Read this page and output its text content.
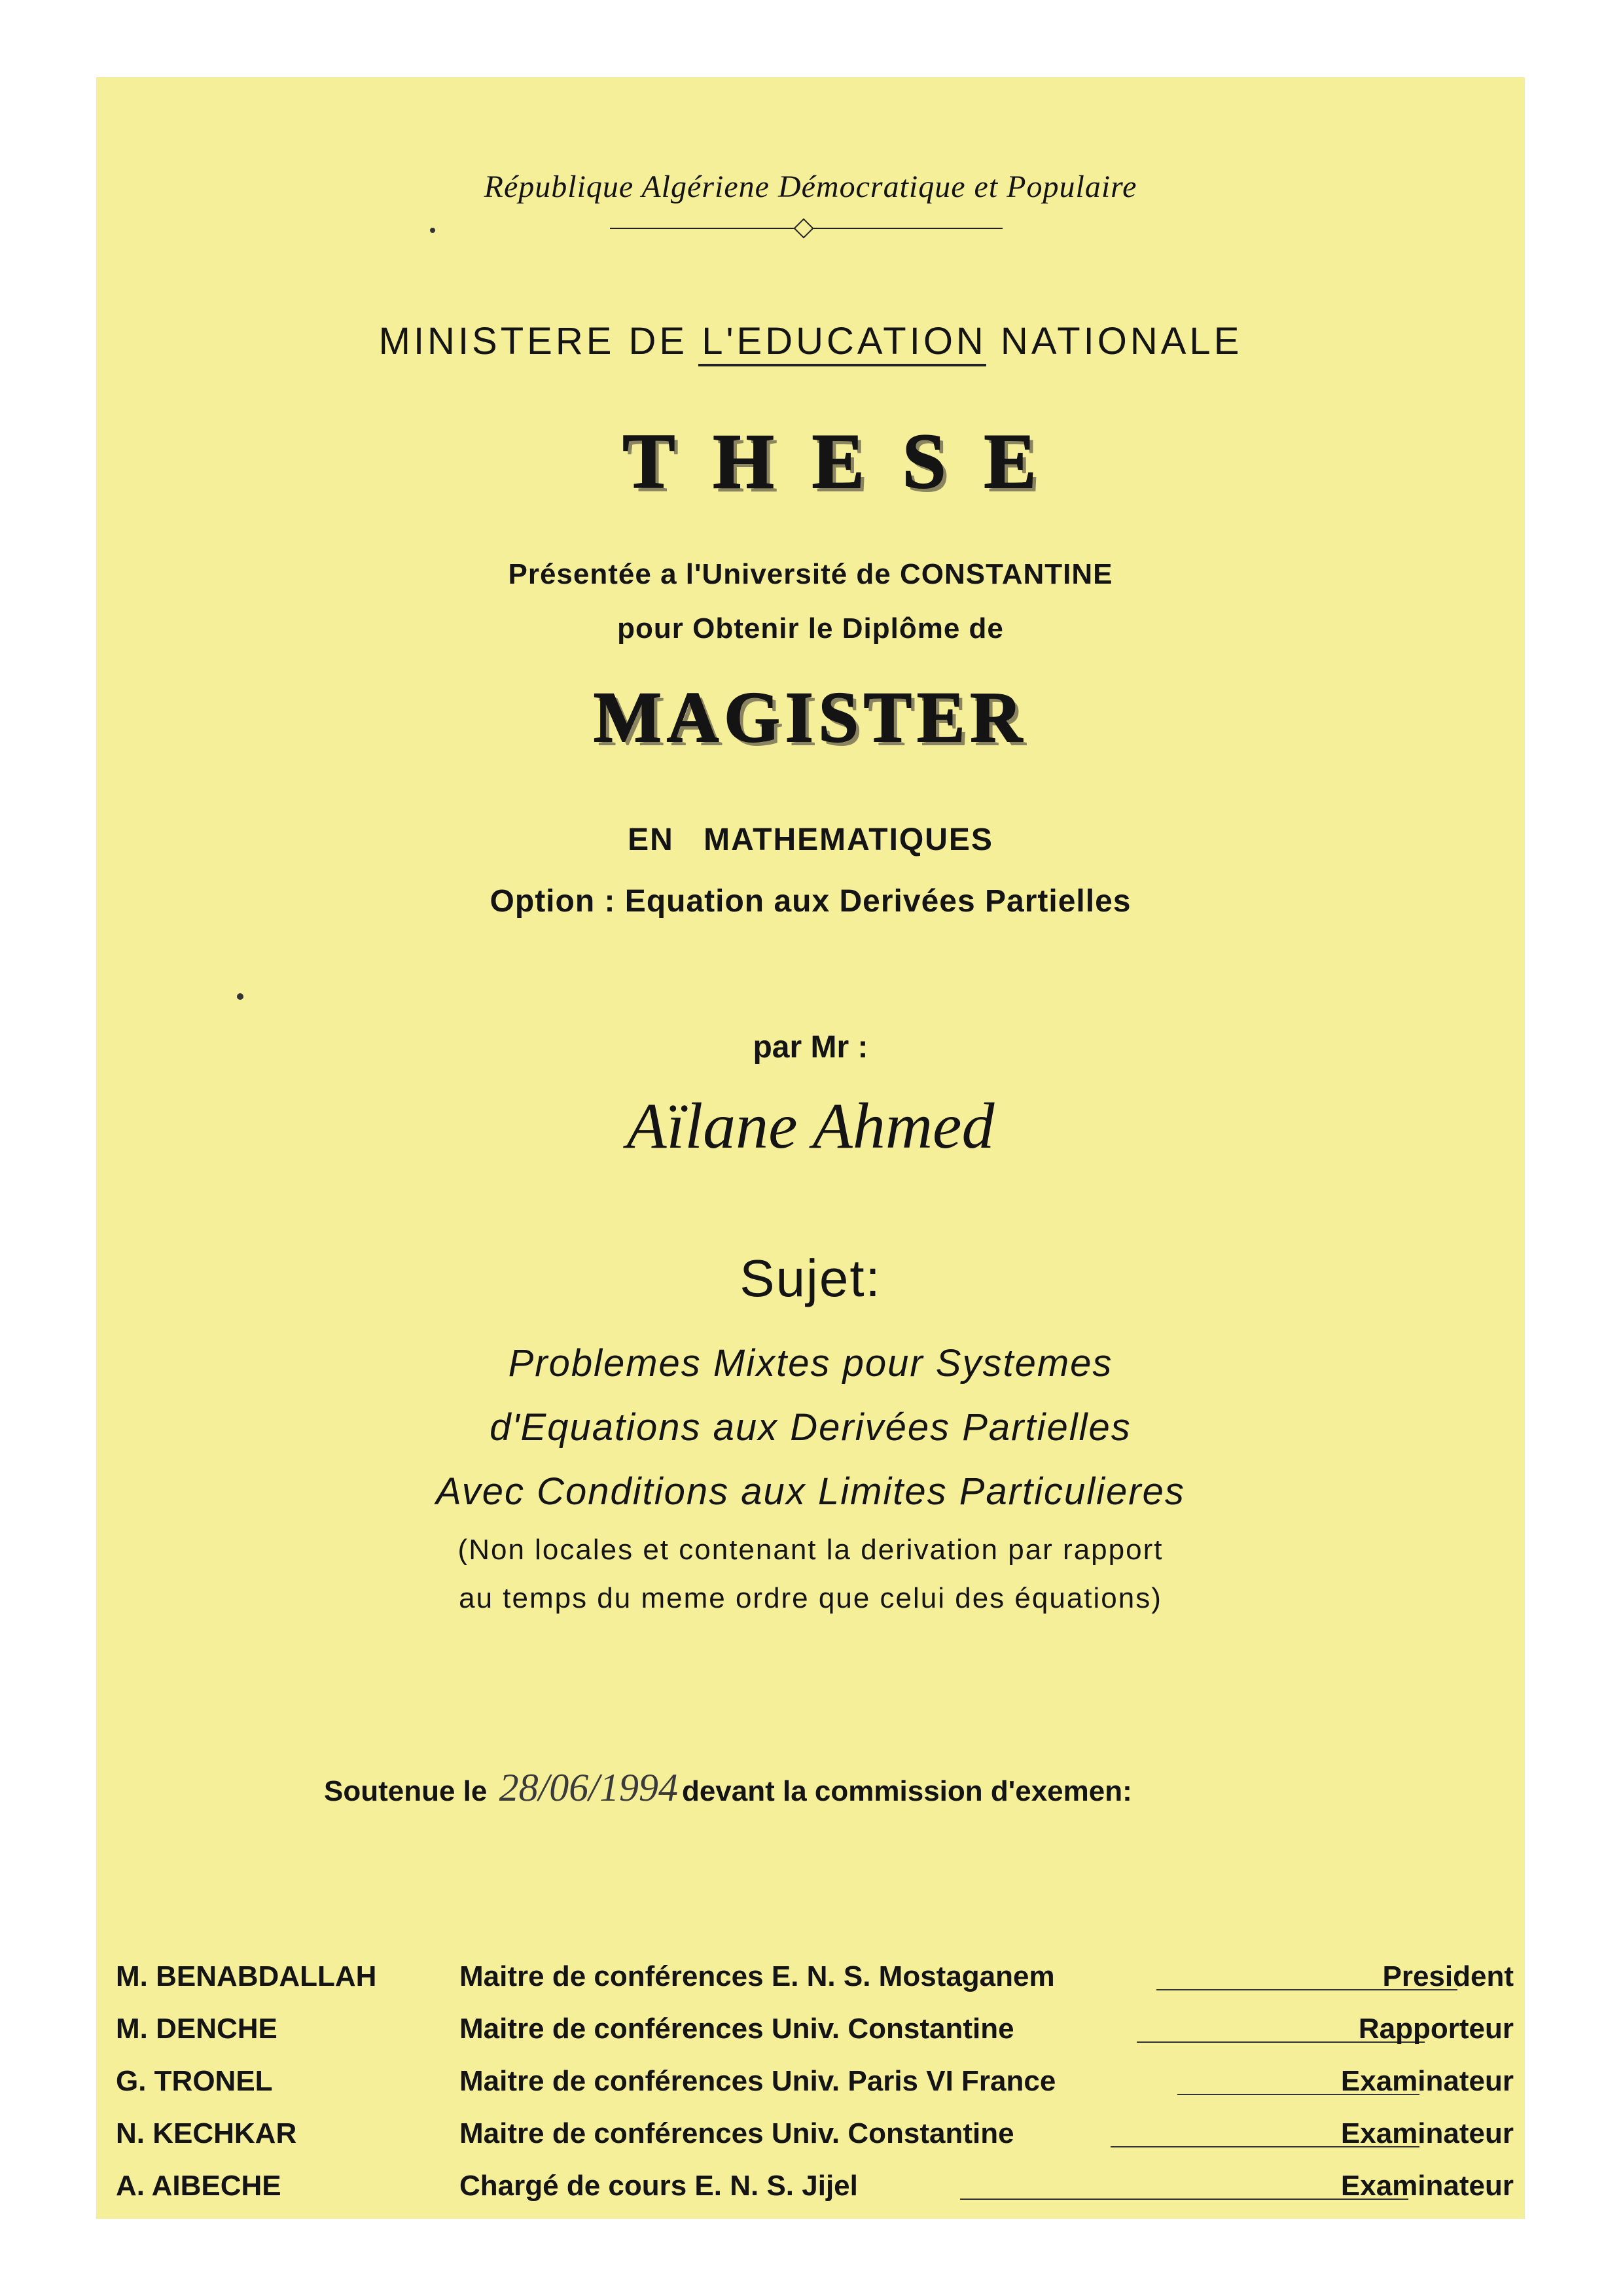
République Algériene Démocratique et Populaire
MINISTERE DE L'EDUCATION NATIONALE
THESE
Présentée a l'Université de CONSTANTINE
pour Obtenir le Diplôme de
MAGISTER
EN MATHEMATIQUES
Option : Equation aux Derivées Partielles
par Mr :
Aïlane Ahmed
Sujet:
Problemes Mixtes pour Systemes
d'Equations aux Derivées Partielles
Avec Conditions aux Limites Particulieres
(Non locales et contenant la derivation par rapport
au temps du meme ordre que celui des équations)
Soutenue le 28/06/1994 devant la commission d'exemen:
M. BENABDALLAH	Maitre de conférences E. N. S. Mostaganem	President
M. DENCHE	Maitre de conférences Univ. Constantine	Rapporteur
G. TRONEL	Maitre de conférences Univ. Paris VI France	Examinateur
N. KECHKAR	Maitre de conférences Univ. Constantine	Examinateur
A. AIBECHE	Chargé de cours E. N. S. Jijel	Examinateur
